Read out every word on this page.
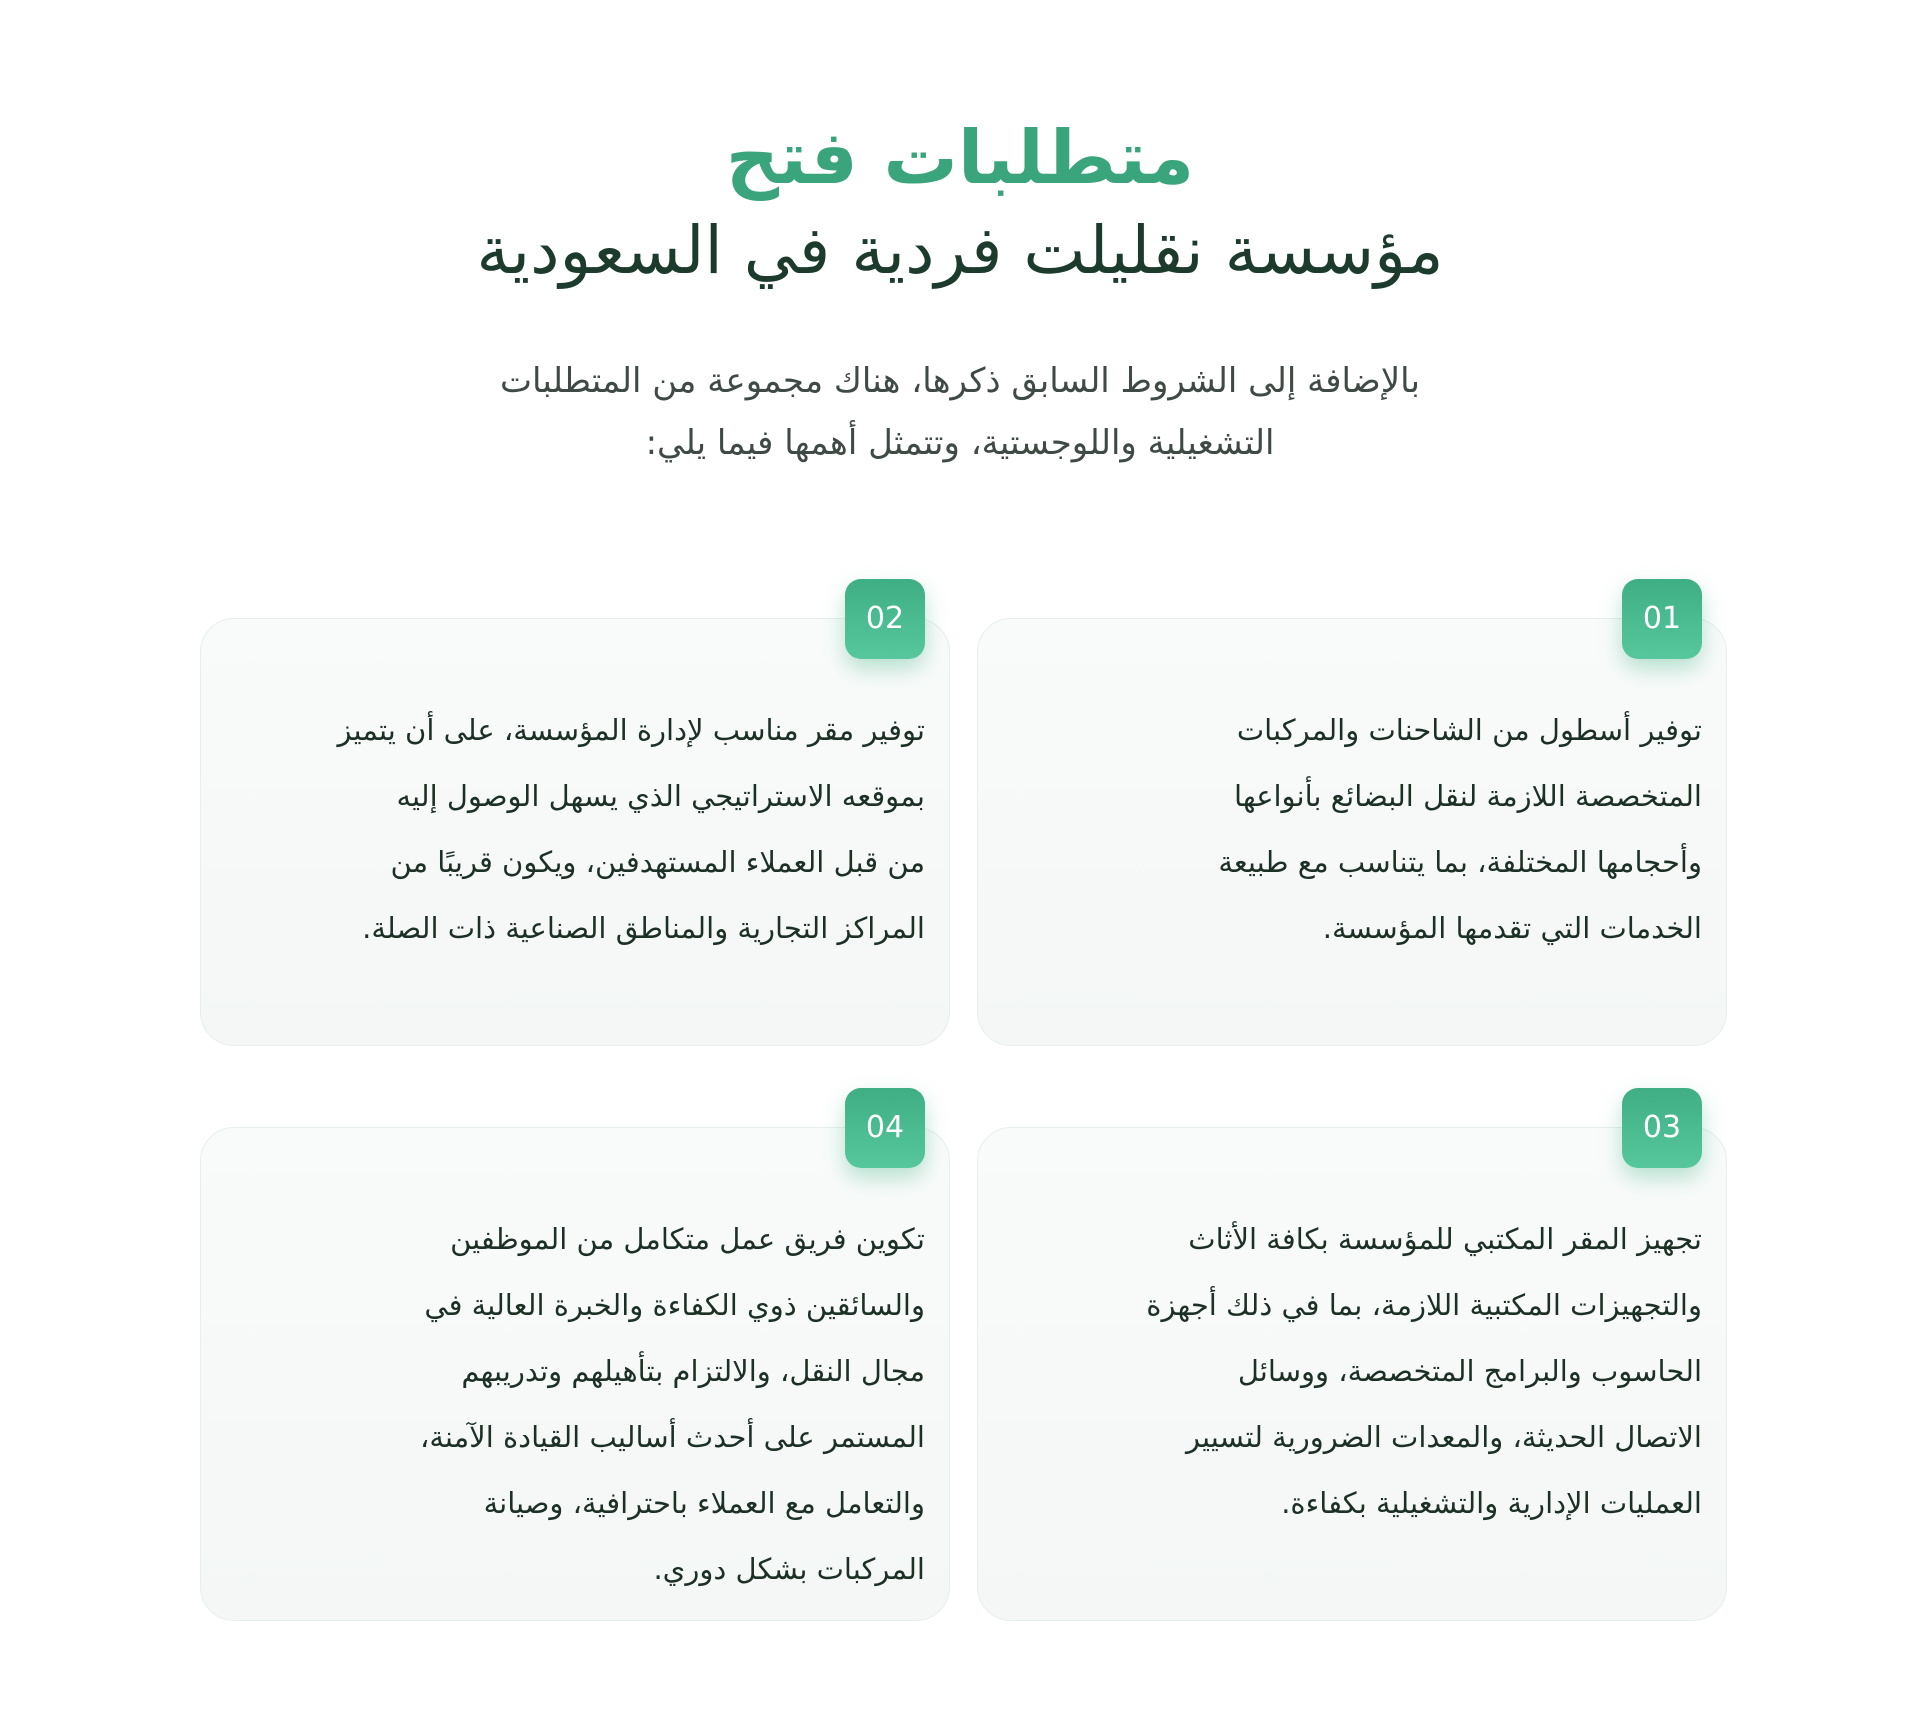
متطلبات فتح
مؤسسة نقليلت فردية في السعودية

بالإضافة إلى الشروط السابق ذكرها، هناك مجموعة من المتطلبات
التشغيلية واللوجستية، وتتمثل أهمها فيما يلي:

01

توفير أسطول من الشاحنات والمركبات
المتخصصة اللازمة لنقل البضائع بأنواعها
وأحجامها المختلفة، بما يتناسب مع طبيعة
الخدمات التي تقدمها المؤسسة.

02

توفير مقر مناسب لإدارة المؤسسة، على أن يتميز
بموقعه الاستراتيجي الذي يسهل الوصول إليه
من قبل العملاء المستهدفين، ويكون قريبًا من
المراكز التجارية والمناطق الصناعية ذات الصلة.

03

تجهيز المقر المكتبي للمؤسسة بكافة الأثاث
والتجهيزات المكتبية اللازمة، بما في ذلك أجهزة
الحاسوب والبرامج المتخصصة، ووسائل
الاتصال الحديثة، والمعدات الضرورية لتسيير
العمليات الإدارية والتشغيلية بكفاءة.

04

تكوين فريق عمل متكامل من الموظفين
والسائقين ذوي الكفاءة والخبرة العالية في
مجال النقل، والالتزام بتأهيلهم وتدريبهم
المستمر على أحدث أساليب القيادة الآمنة،
والتعامل مع العملاء باحترافية، وصيانة
المركبات بشكل دوري.
